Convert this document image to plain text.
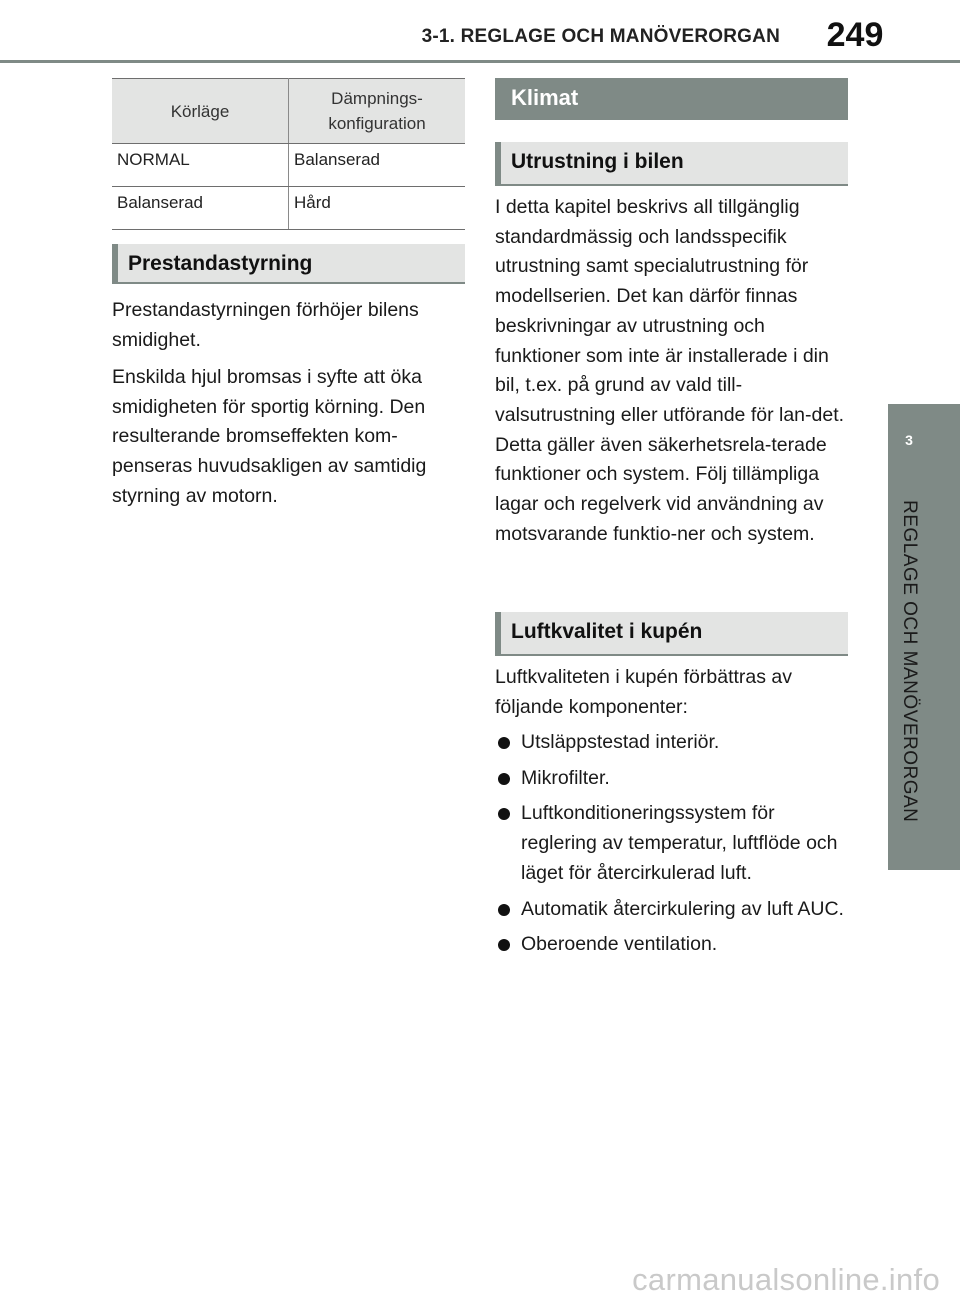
3-1. REGLAGE OCH MANÖVERORGAN	249
3
REGLAGE OCH MANÖVERORGAN
Körläge	Dämpnings-
konfiguration
NORMAL	Balanserad
Balanserad	Hård
Prestandastyrning

Prestandastyrningen förhöjer bilens smidighet.

Enskilda hjul bromsas i syfte att öka smidigheten för sportig körning. Den resulterande bromseffekten kom-penseras huvudsakligen av samtidig styrning av motorn.

Klimat
Utrustning i bilen

I detta kapitel beskrivs all tillgänglig standardmässig och landsspecifik utrustning samt specialutrustning för modellserien. Det kan därför finnas beskrivningar av utrustning och funktioner som inte är installerade i din bil, t.ex. på grund av vald till-valsutrustning eller utförande för lan-det. Detta gäller även säkerhetsrela-terade funktioner och system. Följ tillämpliga lagar och regelverk vid användning av motsvarande funktio-ner och system.

Luftkvalitet i kupén

Luftkvaliteten i kupén förbättras av följande komponenter:

Utsläppstestad interiör.
Mikrofilter.
Luftkonditioneringssystem för reglering av temperatur, luftflöde och läget för återcirkulerad luft.
Automatik återcirkulering av luft AUC.
Oberoende ventilation.
carmanualsonline.info
